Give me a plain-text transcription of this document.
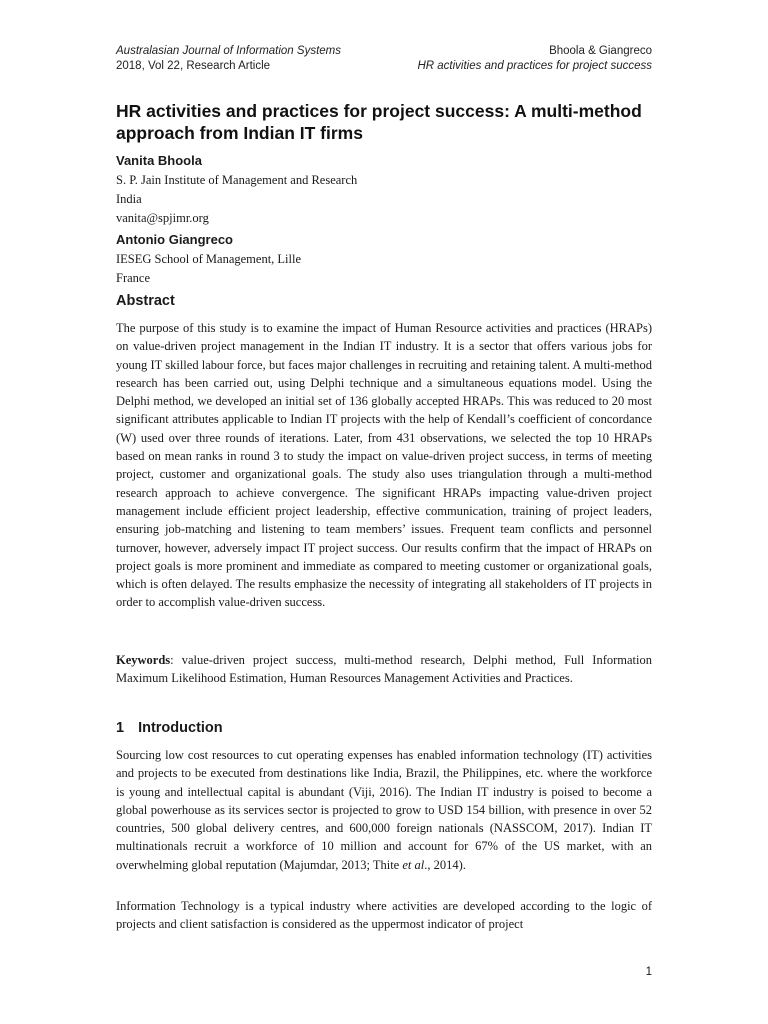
Australasian Journal of Information Systems	Bhoola & Giangreco
2018, Vol 22, Research Article	HR activities and practices for project success
HR activities and practices for project success: A multi-method approach from Indian IT firms
Vanita Bhoola
S. P. Jain Institute of Management and Research
India
vanita@spjimr.org
Antonio Giangreco
IESEG School of Management, Lille
France
Abstract

The purpose of this study is to examine the impact of Human Resource activities and practices (HRAPs) on value-driven project management in the Indian IT industry. It is a sector that offers various jobs for young IT skilled labour force, but faces major challenges in recruiting and retaining talent. A multi-method research has been carried out, using Delphi technique and a simultaneous equations model. Using the Delphi method, we developed an initial set of 136 globally accepted HRAPs. This was reduced to 20 most significant attributes applicable to Indian IT projects with the help of Kendall’s coefficient of concordance (W) used over three rounds of iterations. Later, from 431 observations, we selected the top 10 HRAPs based on mean ranks in round 3 to study the impact on value-driven project success, in terms of meeting project, customer and organizational goals. The study also uses triangulation through a multi-method research approach to achieve convergence. The significant HRAPs impacting value-driven project management include efficient project leadership, effective communication, training of project leaders, ensuring job-matching and listening to team members’ issues. Frequent team conflicts and personnel turnover, however, adversely impact IT project success. Our results confirm that the impact of HRAPs on project goals is more prominent and immediate as compared to meeting customer or organizational goals, which is often delayed. The results emphasize the necessity of integrating all stakeholders of IT projects in order to accomplish value-driven success.

Keywords: value-driven project success, multi-method research, Delphi method, Full Information Maximum Likelihood Estimation, Human Resources Management Activities and Practices.

1 Introduction

Sourcing low cost resources to cut operating expenses has enabled information technology (IT) activities and projects to be executed from destinations like India, Brazil, the Philippines, etc. where the workforce is young and intellectual capital is abundant (Viji, 2016). The Indian IT industry is poised to become a global powerhouse as its services sector is projected to grow to USD 154 billion, with presence in over 52 countries, 500 global delivery centres, and 600,000 foreign nationals (NASSCOM, 2017). Indian IT multinationals recruit a workforce of 10 million and account for 67% of the US market, with an overwhelming global reputation (Majumdar, 2013; Thite et al., 2014).

Information Technology is a typical industry where activities are developed according to the logic of projects and client satisfaction is considered as the uppermost indicator of project

1
